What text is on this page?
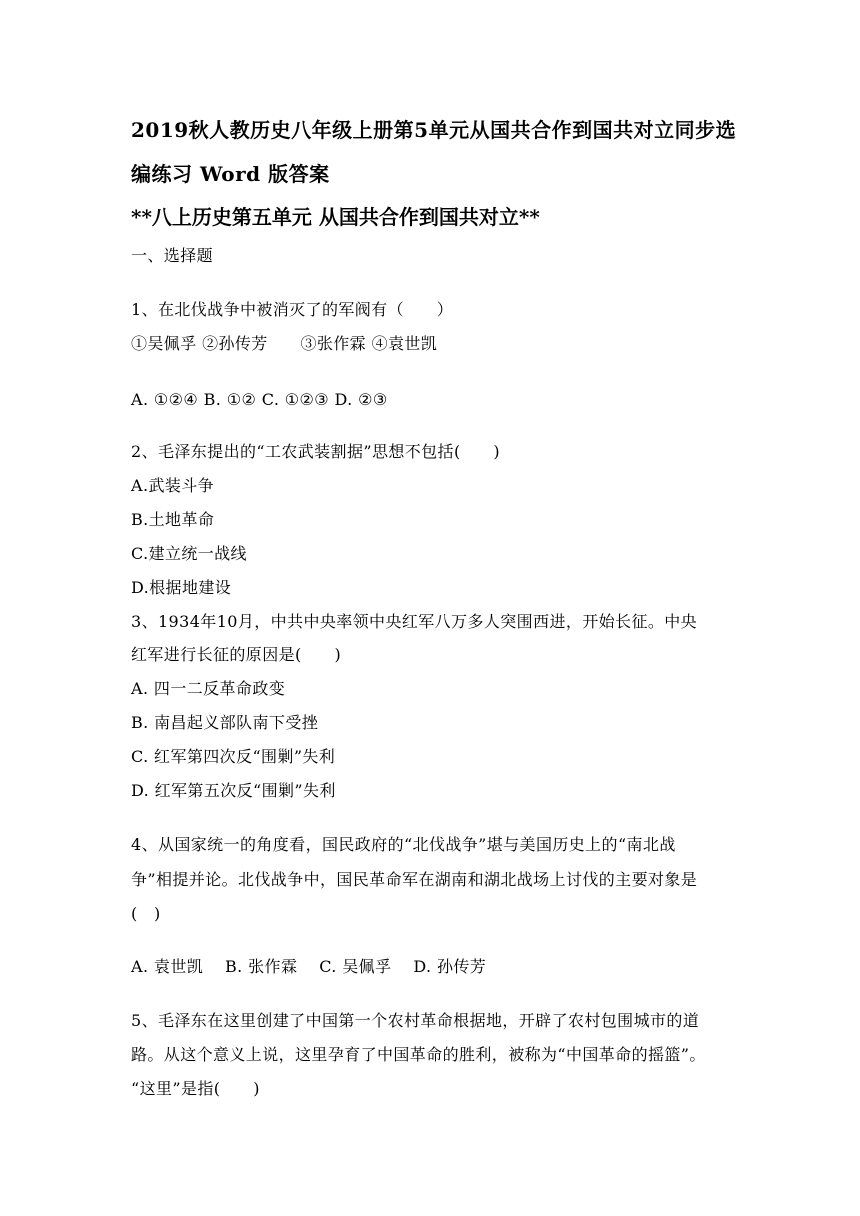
2019秋人教历史八年级上册第5单元从国共合作到国共对立同步选
编练习 Word 版答案
**八上历史第五单元 从国共合作到国共对立**
一、选择题
1、在北伐战争中被消灭了的军阀有（　　）
①吴佩孚 ②孙传芳　　③张作霖 ④袁世凯
A. ①②④ B. ①② C. ①②③ D. ②③
2、毛泽东提出的“工农武装割据”思想不包括(　　)
A.武装斗争
B.土地革命
C.建立统一战线
D.根据地建设
3、1934年10月，中共中央率领中央红军八万多人突围西进，开始长征。中央
红军进行长征的原因是(　　)
A. 四一二反革命政变
B. 南昌起义部队南下受挫
C. 红军第四次反“围剿”失利
D. 红军第五次反“围剿”失利
4、从国家统一的角度看，国民政府的“北伐战争”堪与美国历史上的“南北战
争”相提并论。北伐战争中，国民革命军在湖南和湖北战场上讨伐的主要对象是
(　)
A. 袁世凯　 B. 张作霖　 C. 吴佩孚　 D. 孙传芳
5、毛泽东在这里创建了中国第一个农村革命根据地，开辟了农村包围城市的道
路。从这个意义上说，这里孕育了中国革命的胜利，被称为“中国革命的摇篮”。
“这里”是指(　　)
